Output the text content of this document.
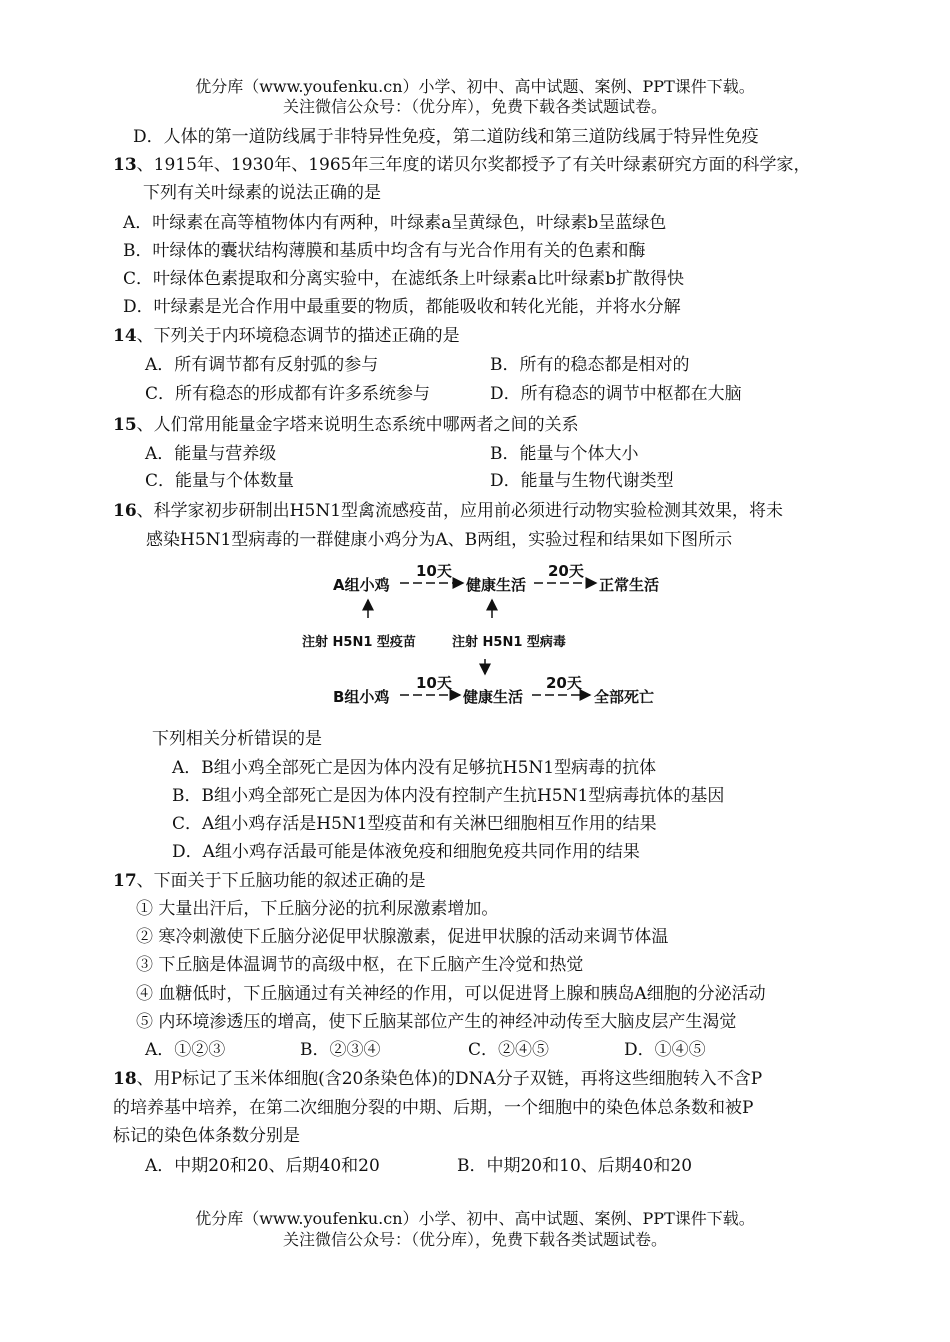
优分库（www.youfenku.cn）小学、初中、高中试题、案例、PPT课件下载。
关注微信公众号：（优分库），免费下载各类试题试卷。
D．人体的第一道防线属于非特异性免疫，第二道防线和第三道防线属于特异性免疫
13、1915年、1930年、1965年三年度的诺贝尔奖都授予了有关叶绿素研究方面的科学家，
下列有关叶绿素的说法正确的是
A．叶绿素在高等植物体内有两种，叶绿素a呈黄绿色，叶绿素b呈蓝绿色
B．叶绿体的囊状结构薄膜和基质中均含有与光合作用有关的色素和酶
C．叶绿体色素提取和分离实验中，在滤纸条上叶绿素a比叶绿素b扩散得快
D．叶绿素是光合作用中最重要的物质，都能吸收和转化光能，并将水分解
14、下列关于内环境稳态调节的描述正确的是
A．所有调节都有反射弧的参与	B．所有的稳态都是相对的
C．所有稳态的形成都有许多系统参与	D．所有稳态的调节中枢都在大脑
15、人们常用能量金字塔来说明生态系统中哪两者之间的关系
A．能量与营养级	B．能量与个体大小
C．能量与个体数量	D．能量与生物代谢类型
16、科学家初步研制出H5N1型禽流感疫苗，应用前必须进行动物实验检测其效果，将未
感染H5N1型病毒的一群健康小鸡分为A、B两组，实验过程和结果如下图所示
A组小鸡
10天
健康生活
20天
正常生活
注射 H5N1 型疫苗	注射 H5N1 型病毒
B组小鸡
10天
健康生活
20天
全部死亡
下列相关分析错误的是
A．B组小鸡全部死亡是因为体内没有足够抗H5N1型病毒的抗体
B．B组小鸡全部死亡是因为体内没有控制产生抗H5N1型病毒抗体的基因
C．A组小鸡存活是H5N1型疫苗和有关淋巴细胞相互作用的结果
D．A组小鸡存活最可能是体液免疫和细胞免疫共同作用的结果
17、下面关于下丘脑功能的叙述正确的是
① 大量出汗后，下丘脑分泌的抗利尿激素增加。
② 寒冷刺激使下丘脑分泌促甲状腺激素，促进甲状腺的活动来调节体温
③ 下丘脑是体温调节的高级中枢，在下丘脑产生冷觉和热觉
④ 血糖低时，下丘脑通过有关神经的作用，可以促进肾上腺和胰岛A细胞的分泌活动
⑤ 内环境渗透压的增高，使下丘脑某部位产生的神经冲动传至大脑皮层产生渴觉
A．①②③	B．②③④	C．②④⑤	D．①④⑤
18、用P标记了玉米体细胞(含20条染色体)的DNA分子双链，再将这些细胞转入不含P
的培养基中培养，在第二次细胞分裂的中期、后期，一个细胞中的染色体总条数和被P
标记的染色体条数分别是
A．中期20和20、后期40和20	B．中期20和10、后期40和20
优分库（www.youfenku.cn）小学、初中、高中试题、案例、PPT课件下载。
关注微信公众号：（优分库），免费下载各类试题试卷。
